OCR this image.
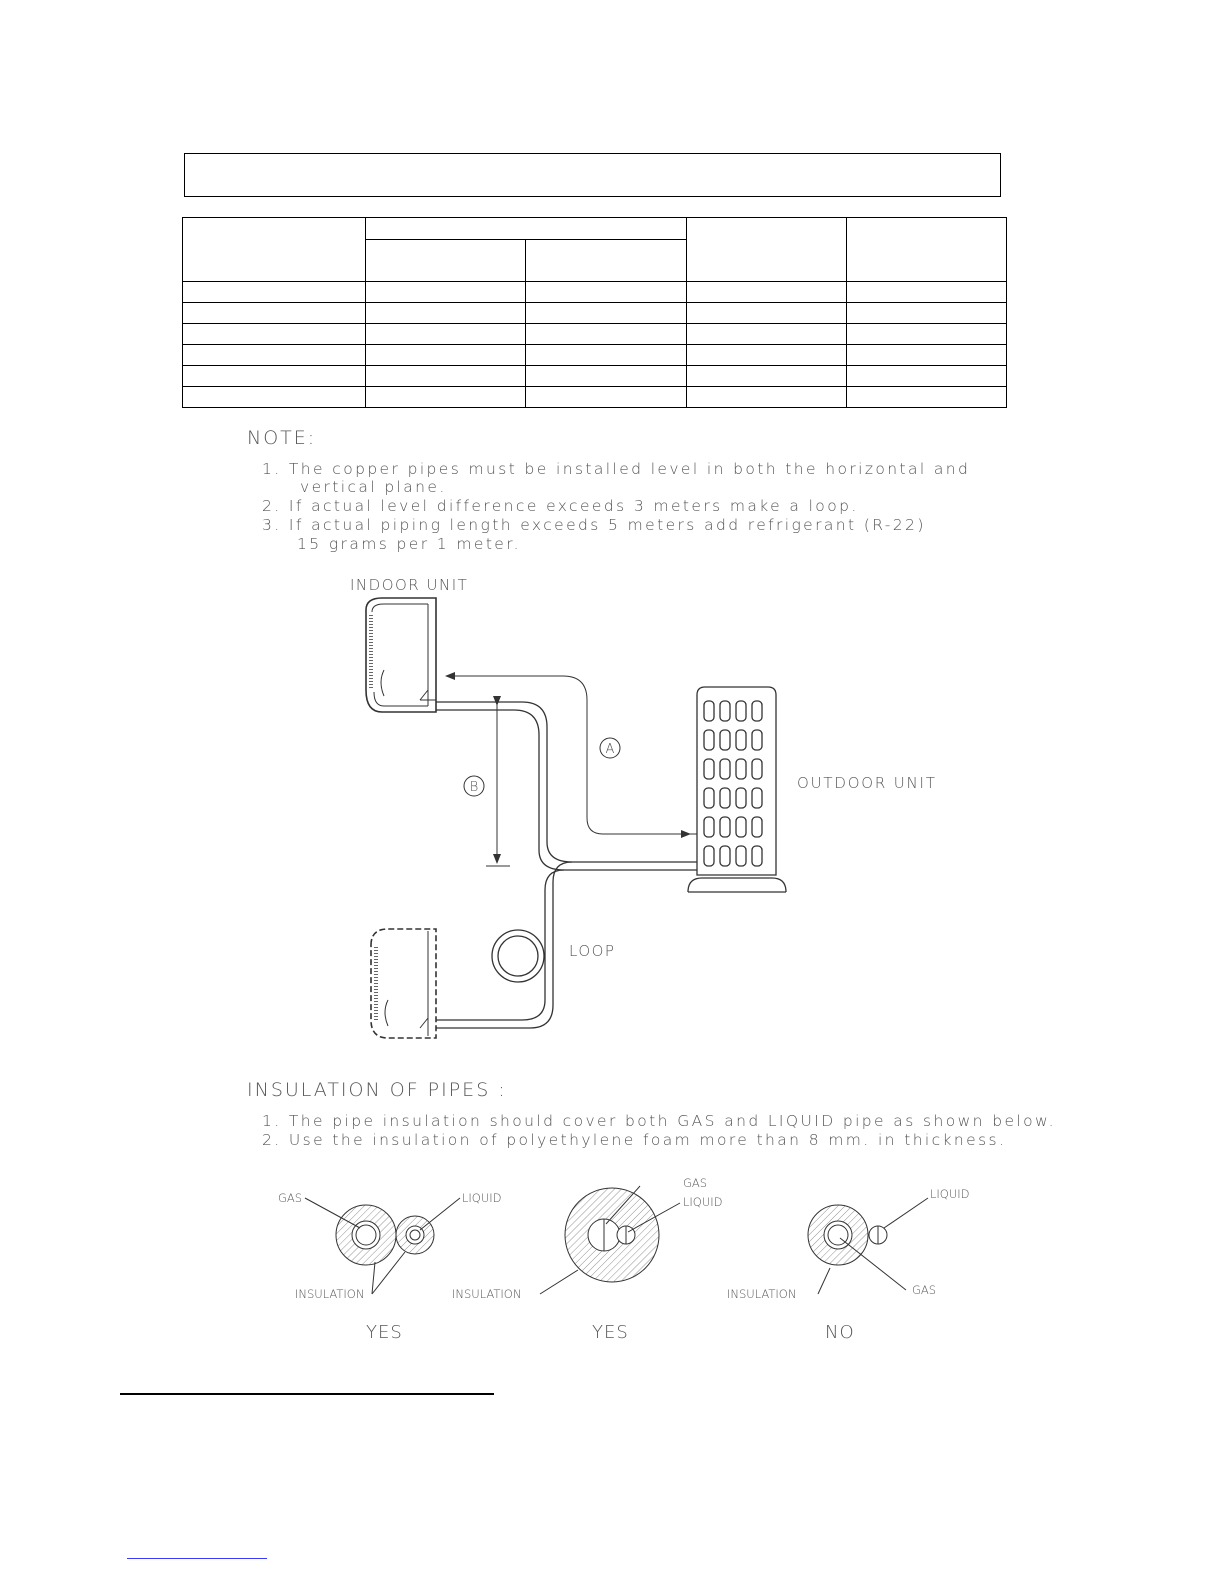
NOTE:
1. The copper pipes must be installed level in both the horizontal and
vertical plane.
2. If actual level difference exceeds 3 meters make a loop.
3. If actual piping length exceeds 5 meters add refrigerant (R-22)
15 grams per 1 meter.
INDOOR UNIT
A
B	OUTDOOR UNIT
LOOP
INSULATION OF PIPES :
1. The pipe insulation should cover both GAS and LIQUID pipe as shown below.
2. Use the insulation of polyethylene foam more than 8 mm. in thickness.
GAS	LIQUID
INSULATION
YES
GAS
LIQUID
INSULATION
YES
LIQUID
INSULATION	GAS
NO
